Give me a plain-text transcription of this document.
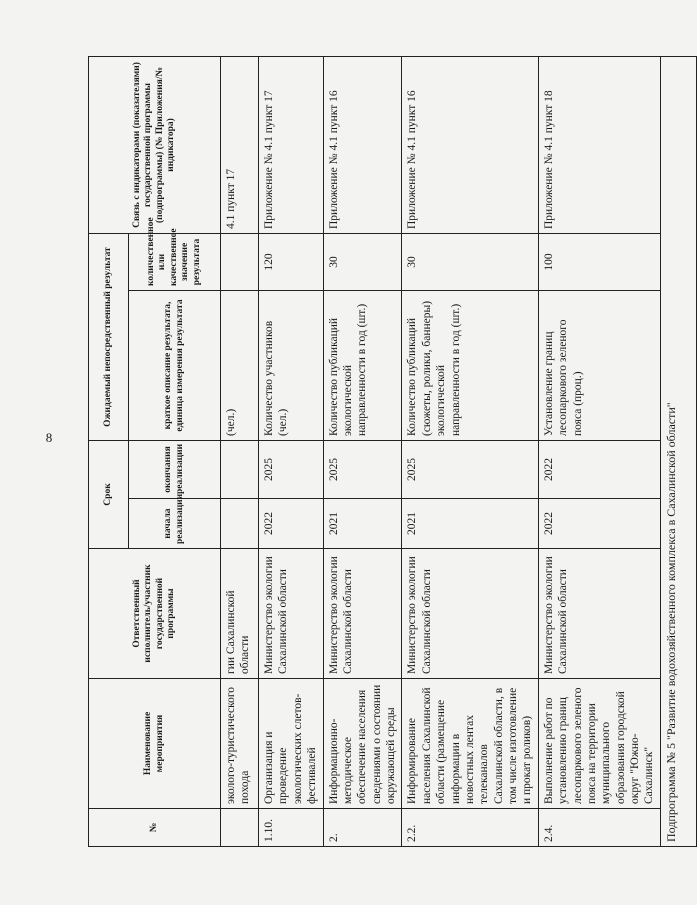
8
№	Наименование мероприятия	Ответственный исполнитель/участник государственной программы	Срок		Ожидаемый непосредственный результат		Связь с индикаторами (показателями) государственной программы (подпрограммы) (№ Приложения/№ индикатора)
			начала реализации	окончания реализации	краткое описание результата, единица измерения результата	количественное или качественное значение результата	
	эколого-туристического похода	гии Сахалинской области			(чел.)		4.1 пункт 17
1.10.	Организация и проведение экологических слетов-фестивалей	Министерство экологии Сахалинской области	2022	2025	Количество участников (чел.)	120	Приложение № 4.1 пункт 17
2.	Информационно-методическое обеспечение населения сведениями о состоянии окружающей среды	Министерство экологии Сахалинской области	2021	2025	Количество публикаций экологической направленности в год (шт.)	30	Приложение № 4.1 пункт 16
2.2.	Информирование населения Сахалинской области (размещение информации в новостных лентах телеканалов Сахалинской области, в том числе изготовление и прокат роликов)	Министерство экологии Сахалинской области	2021	2025	Количество публикаций (сюжеты, ролики, баннеры) экологической направленности в год (шт.)	30	Приложение № 4.1 пункт 16
2.4.	Выполнение работ по установлению границ лесопаркового зеленого пояса на территории муниципального образования городской округ "Южно-Сахалинск"	Министерство экологии Сахалинской области	2022	2022	Установление границ лесопаркового зеленого пояса (проц.)	100	Приложение № 4.1 пункт 18
Подпрограмма № 5 "Развитие водохозяйственного комплекса в Сахалинской области"							
